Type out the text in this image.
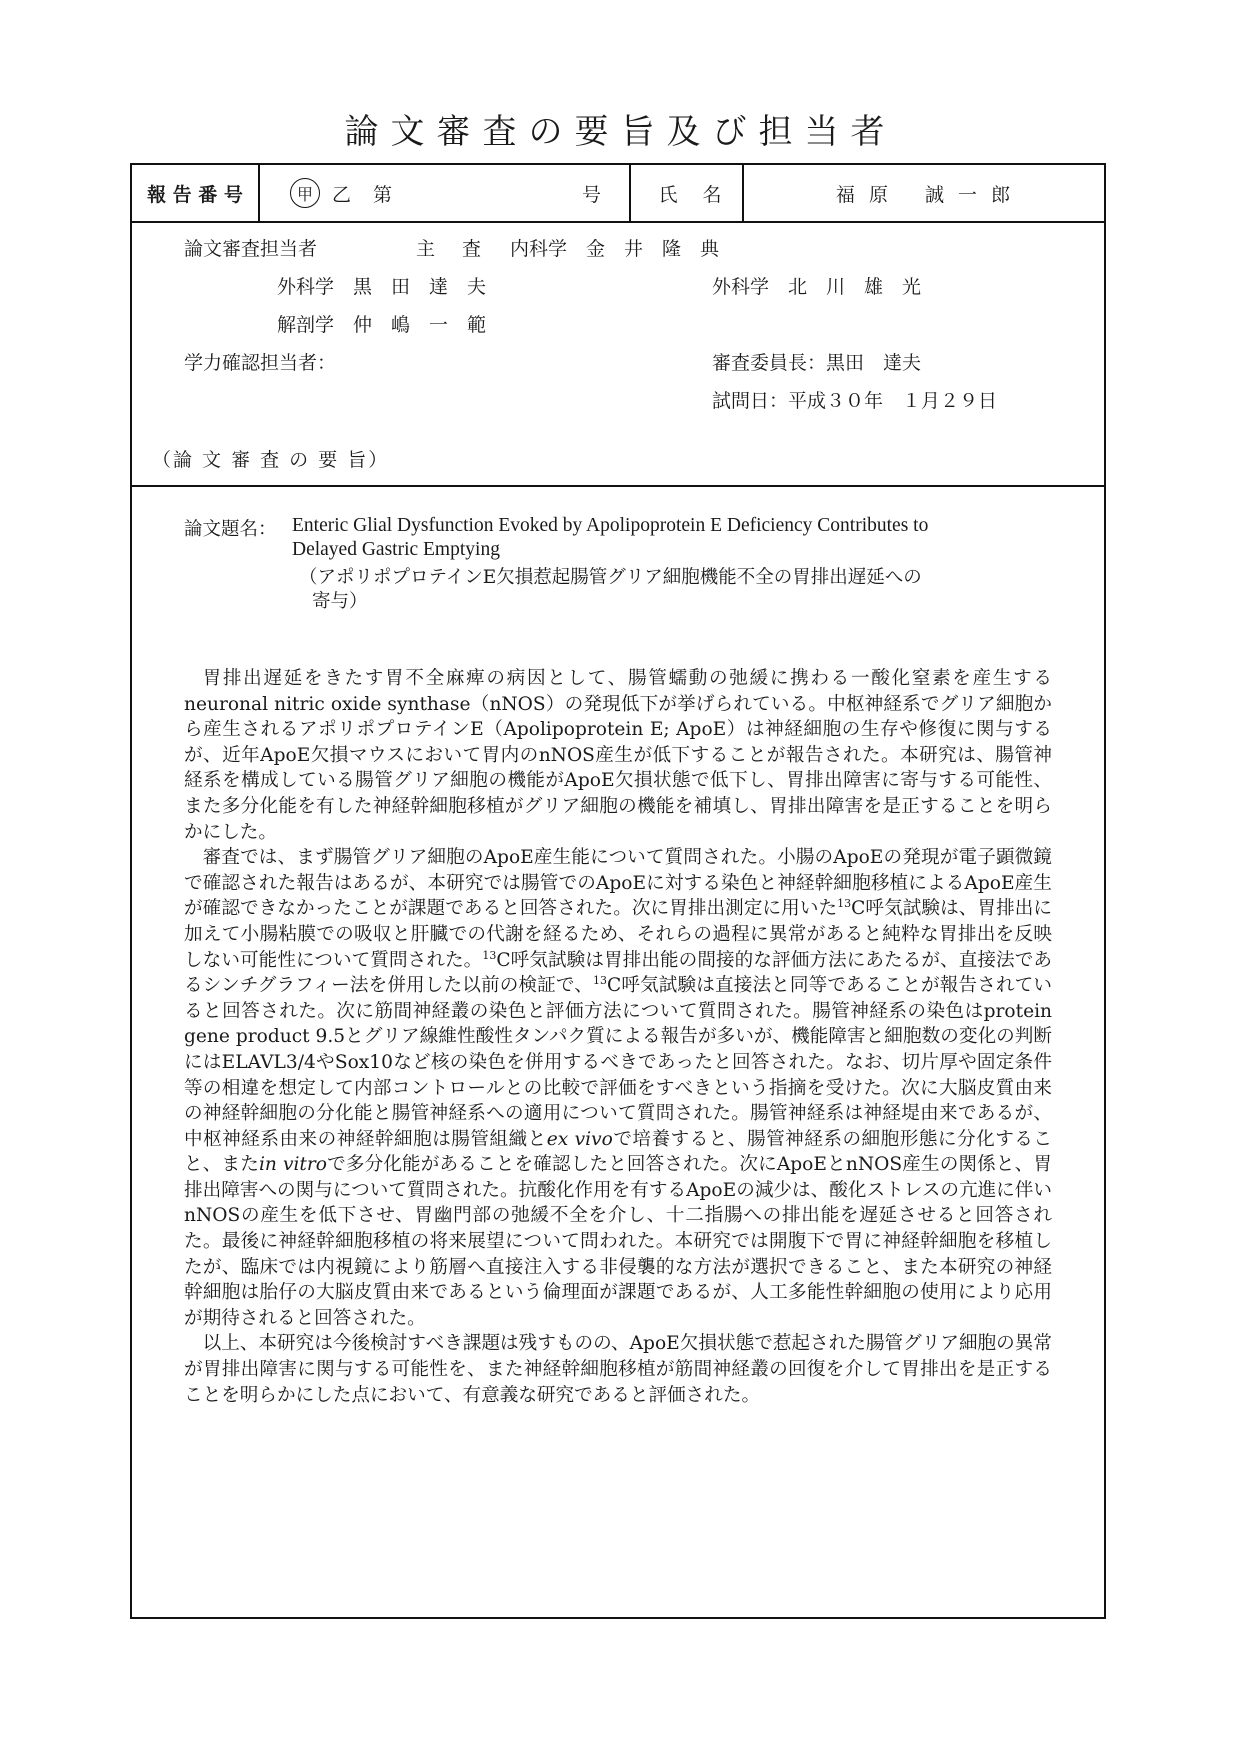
論文審査の要旨及び担当者
報 告 番 号	甲	乙 第	号	氏　 名	福 原　 誠 一 郎
論文審査担当者	主　査 内科学　金　井　隆　典
外科学　黒　田　達　夫	外科学　北　川　雄　光
解剖学　仲　嶋　一　範
学力確認担当者：	審査委員長：黒田　達夫
試問日：平成３０年　１月２９日
（論 文 審 査 の 要 旨）
論文題名： Enteric Glial Dysfunction Evoked by Apolipoprotein E Deficiency Contributes to
Delayed Gastric Emptying
（アポリポプロテインE欠損惹起腸管グリア細胞機能不全の胃排出遅延への
寄与）

胃排出遅延をきたす胃不全麻痺の病因として、腸管蠕動の弛緩に携わる一酸化窒素を産生するneuronal nitric oxide synthase（nNOS）の発現低下が挙げられている。中枢神経系でグリア細胞から産生されるアポリポプロテインE（Apolipoprotein E; ApoE）は神経細胞の生存や修復に関与するが、近年ApoE欠損マウスにおいて胃内のnNOS産生が低下することが報告された。本研究は、腸管神経系を構成している腸管グリア細胞の機能がApoE欠損状態で低下し、胃排出障害に寄与する可能性、また多分化能を有した神経幹細胞移植がグリア細胞の機能を補填し、胃排出障害を是正することを明らかにした。

審査では、まず腸管グリア細胞のApoE産生能について質問された。小腸のApoEの発現が電子顕微鏡で確認された報告はあるが、本研究では腸管でのApoEに対する染色と神経幹細胞移植によるApoE産生が確認できなかったことが課題であると回答された。次に胃排出測定に用いた$^{13}$C呼気試験は、胃排出に加えて小腸粘膜での吸収と肝臓での代謝を経るため、それらの過程に異常があると純粋な胃排出を反映しない可能性について質問された。$^{13}$C呼気試験は胃排出能の間接的な評価方法にあたるが、直接法であるシンチグラフィー法を併用した以前の検証で、$^{13}$C呼気試験は直接法と同等であることが報告されていると回答された。次に筋間神経叢の染色と評価方法について質問された。腸管神経系の染色はprotein gene product 9.5とグリア線維性酸性タンパク質による報告が多いが、機能障害と細胞数の変化の判断にはELAVL3/4やSox10など核の染色を併用するべきであったと回答された。なお、切片厚や固定条件等の相違を想定して内部コントロールとの比較で評価をすべきという指摘を受けた。次に大脳皮質由来の神経幹細胞の分化能と腸管神経系への適用について質問された。腸管神経系は神経堤由来であるが、中枢神経系由来の神経幹細胞は腸管組織とex vivoで培養すると、腸管神経系の細胞形態に分化すること、またin vitroで多分化能があることを確認したと回答された。次にApoEとnNOS産生の関係と、胃排出障害への関与について質問された。抗酸化作用を有するApoEの減少は、酸化ストレスの亢進に伴いnNOSの産生を低下させ、胃幽門部の弛緩不全を介し、十二指腸への排出能を遅延させると回答された。最後に神経幹細胞移植の将来展望について問われた。本研究では開腹下で胃に神経幹細胞を移植したが、臨床では内視鏡により筋層へ直接注入する非侵襲的な方法が選択できること、また本研究の神経幹細胞は胎仔の大脳皮質由来であるという倫理面が課題であるが、人工多能性幹細胞の使用により応用が期待されると回答された。

以上、本研究は今後検討すべき課題は残すものの、ApoE欠損状態で惹起された腸管グリア細胞の異常が胃排出障害に関与する可能性を、また神経幹細胞移植が筋間神経叢の回復を介して胃排出を是正することを明らかにした点において、有意義な研究であると評価された。
